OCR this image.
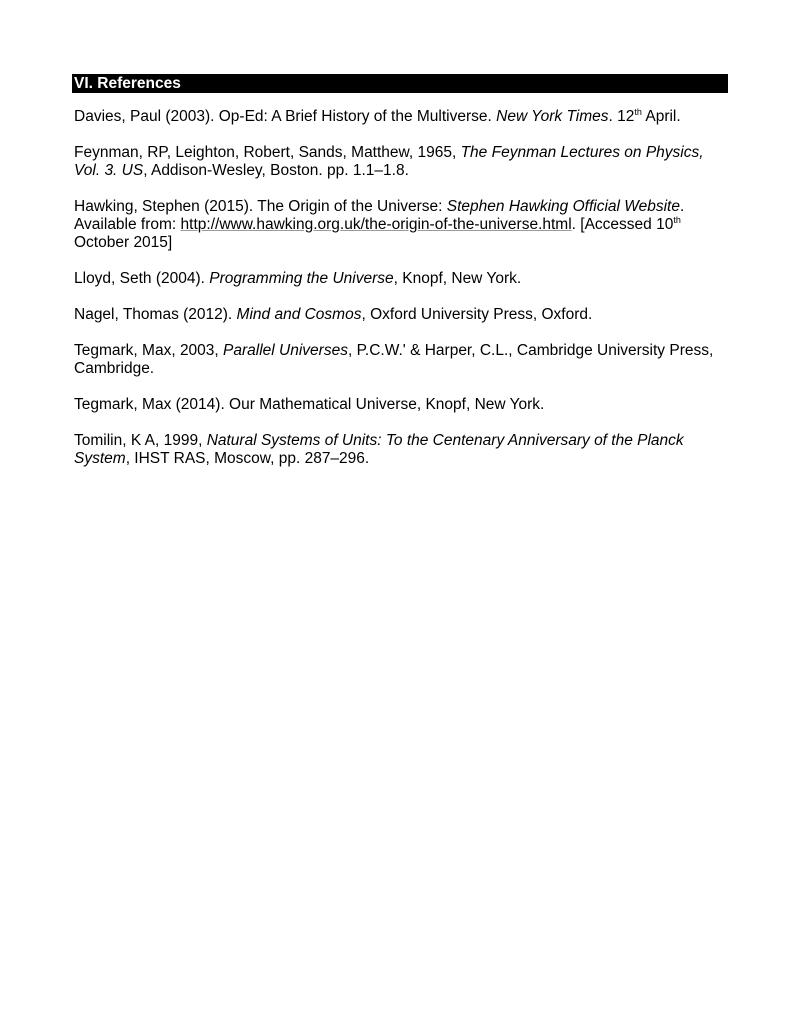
VI. References

Davies, Paul (2003). Op-Ed: A Brief History of the Multiverse. New York Times. 12th April.

Feynman, RP, Leighton, Robert, Sands, Matthew, 1965, The Feynman Lectures on Physics, Vol. 3. US, Addison-Wesley, Boston. pp. 1.1–1.8.

Hawking, Stephen (2015). The Origin of the Universe: Stephen Hawking Official Website. Available from: http://www.hawking.org.uk/the-origin-of-the-universe.html. [Accessed 10th October 2015]

Lloyd, Seth (2004). Programming the Universe, Knopf, New York.

Nagel, Thomas (2012). Mind and Cosmos, Oxford University Press, Oxford.

Tegmark, Max, 2003, Parallel Universes, P.C.W.' & Harper, C.L., Cambridge University Press, Cambridge.

Tegmark, Max (2014). Our Mathematical Universe, Knopf, New York.

Tomilin, K A, 1999, Natural Systems of Units: To the Centenary Anniversary of the Planck System, IHST RAS, Moscow, pp. 287–296.
